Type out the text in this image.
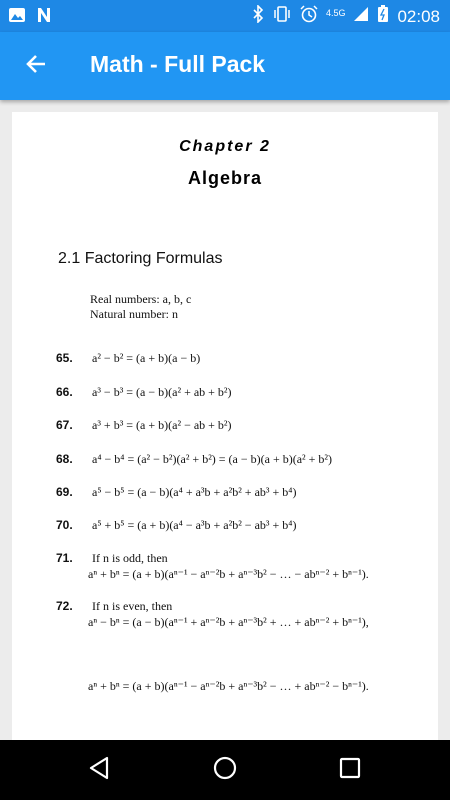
4.5G	02:08
Math - Full Pack
Chapter 2
Algebra
2.1 Factoring Formulas
Real numbers: a, b, c
Natural number: n
65. a² − b² = (a + b)(a − b)
66. a³ − b³ = (a − b)(a² + ab + b²)
67. a³ + b³ = (a + b)(a² − ab + b²)
68. a⁴ − b⁴ = (a² − b²)(a² + b²) = (a − b)(a + b)(a² + b²)
69. a⁵ − b⁵ = (a − b)(a⁴ + a³b + a²b² + ab³ + b⁴)
70. a⁵ + b⁵ = (a + b)(a⁴ − a³b + a²b² − ab³ + b⁴)
71. If n is odd, then
aⁿ + bⁿ = (a + b)(aⁿ⁻¹ − aⁿ⁻²b + aⁿ⁻³b² − … − abⁿ⁻² + bⁿ⁻¹).
72. If n is even, then
aⁿ − bⁿ = (a − b)(aⁿ⁻¹ + aⁿ⁻²b + aⁿ⁻³b² + … + abⁿ⁻² + bⁿ⁻¹),
aⁿ + bⁿ = (a + b)(aⁿ⁻¹ − aⁿ⁻²b + aⁿ⁻³b² − … + abⁿ⁻² − bⁿ⁻¹).
